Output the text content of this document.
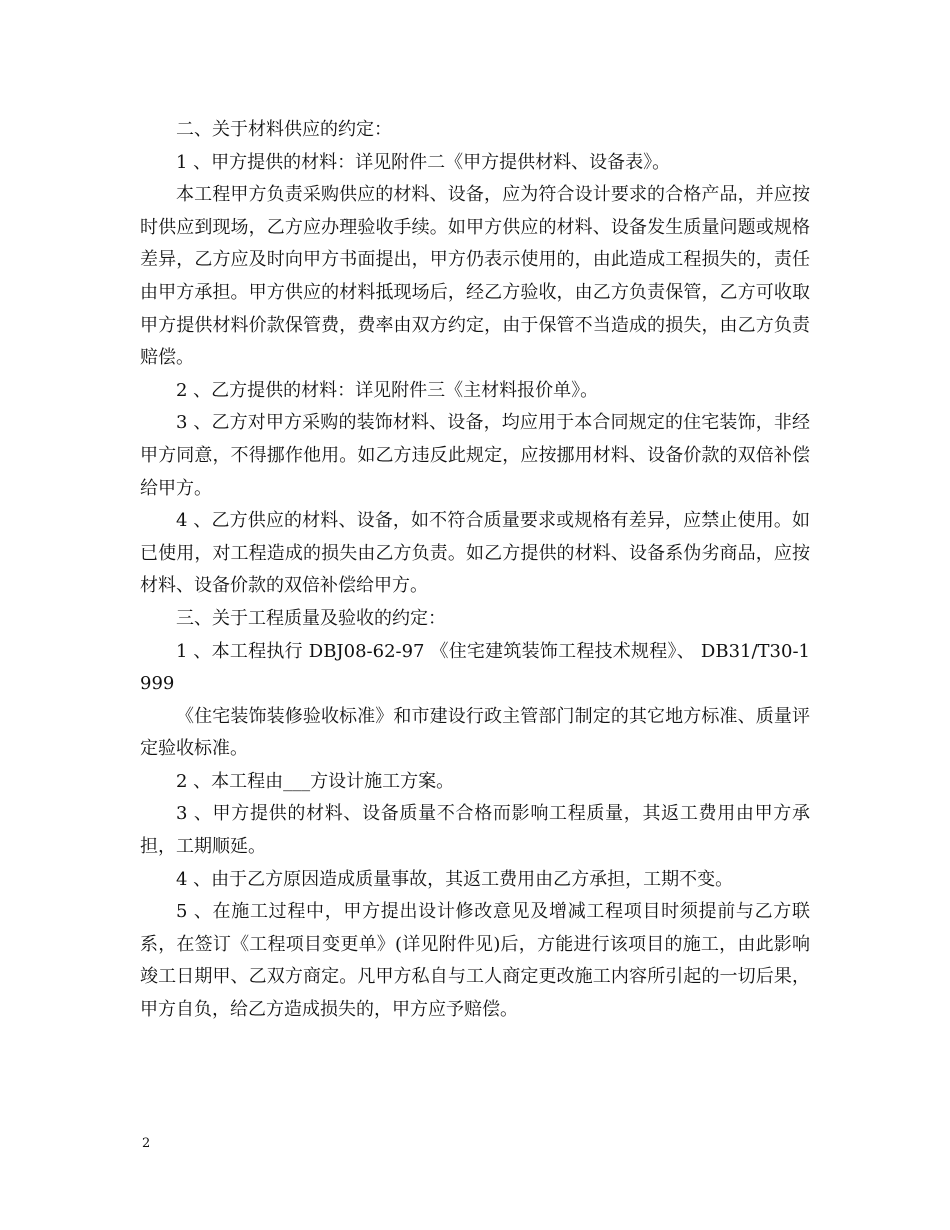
二、关于材料供应的约定：

1 、甲方提供的材料：详见附件二《甲方提供材料、设备表》。

本工程甲方负责采购供应的材料、设备，应为符合设计要求的合格产品，并应按时供应到现场，乙方应办理验收手续。如甲方供应的材料、设备发生质量问题或规格差异，乙方应及时向甲方书面提出，甲方仍表示使用的，由此造成工程损失的，责任由甲方承担。甲方供应的材料抵现场后，经乙方验收，由乙方负责保管，乙方可收取甲方提供材料价款保管费，费率由双方约定，由于保管不当造成的损失，由乙方负责赔偿。

2 、乙方提供的材料：详见附件三《主材料报价单》。

3 、乙方对甲方采购的装饰材料、设备，均应用于本合同规定的住宅装饰，非经甲方同意，不得挪作他用。如乙方违反此规定，应按挪用材料、设备价款的双倍补偿给甲方。

4 、乙方供应的材料、设备，如不符合质量要求或规格有差异，应禁止使用。如已使用，对工程造成的损失由乙方负责。如乙方提供的材料、设备系伪劣商品，应按材料、设备价款的双倍补偿给甲方。

三、关于工程质量及验收的约定：

1 、本工程执行 DBJ08-62-97 《住宅建筑装饰工程技术规程》、 DB31/T30-1999

《住宅装饰装修验收标准》和市建设行政主管部门制定的其它地方标准、质量评定验收标准。

2 、本工程由___方设计施工方案。

3 、甲方提供的材料、设备质量不合格而影响工程质量，其返工费用由甲方承担，工期顺延。

4 、由于乙方原因造成质量事故，其返工费用由乙方承担，工期不变。

5 、在施工过程中，甲方提出设计修改意见及增减工程项目时须提前与乙方联系，在签订《工程项目变更单》(详见附件见)后，方能进行该项目的施工，由此影响竣工日期甲、乙双方商定。凡甲方私自与工人商定更改施工内容所引起的一切后果，甲方自负，给乙方造成损失的，甲方应予赔偿。

2
